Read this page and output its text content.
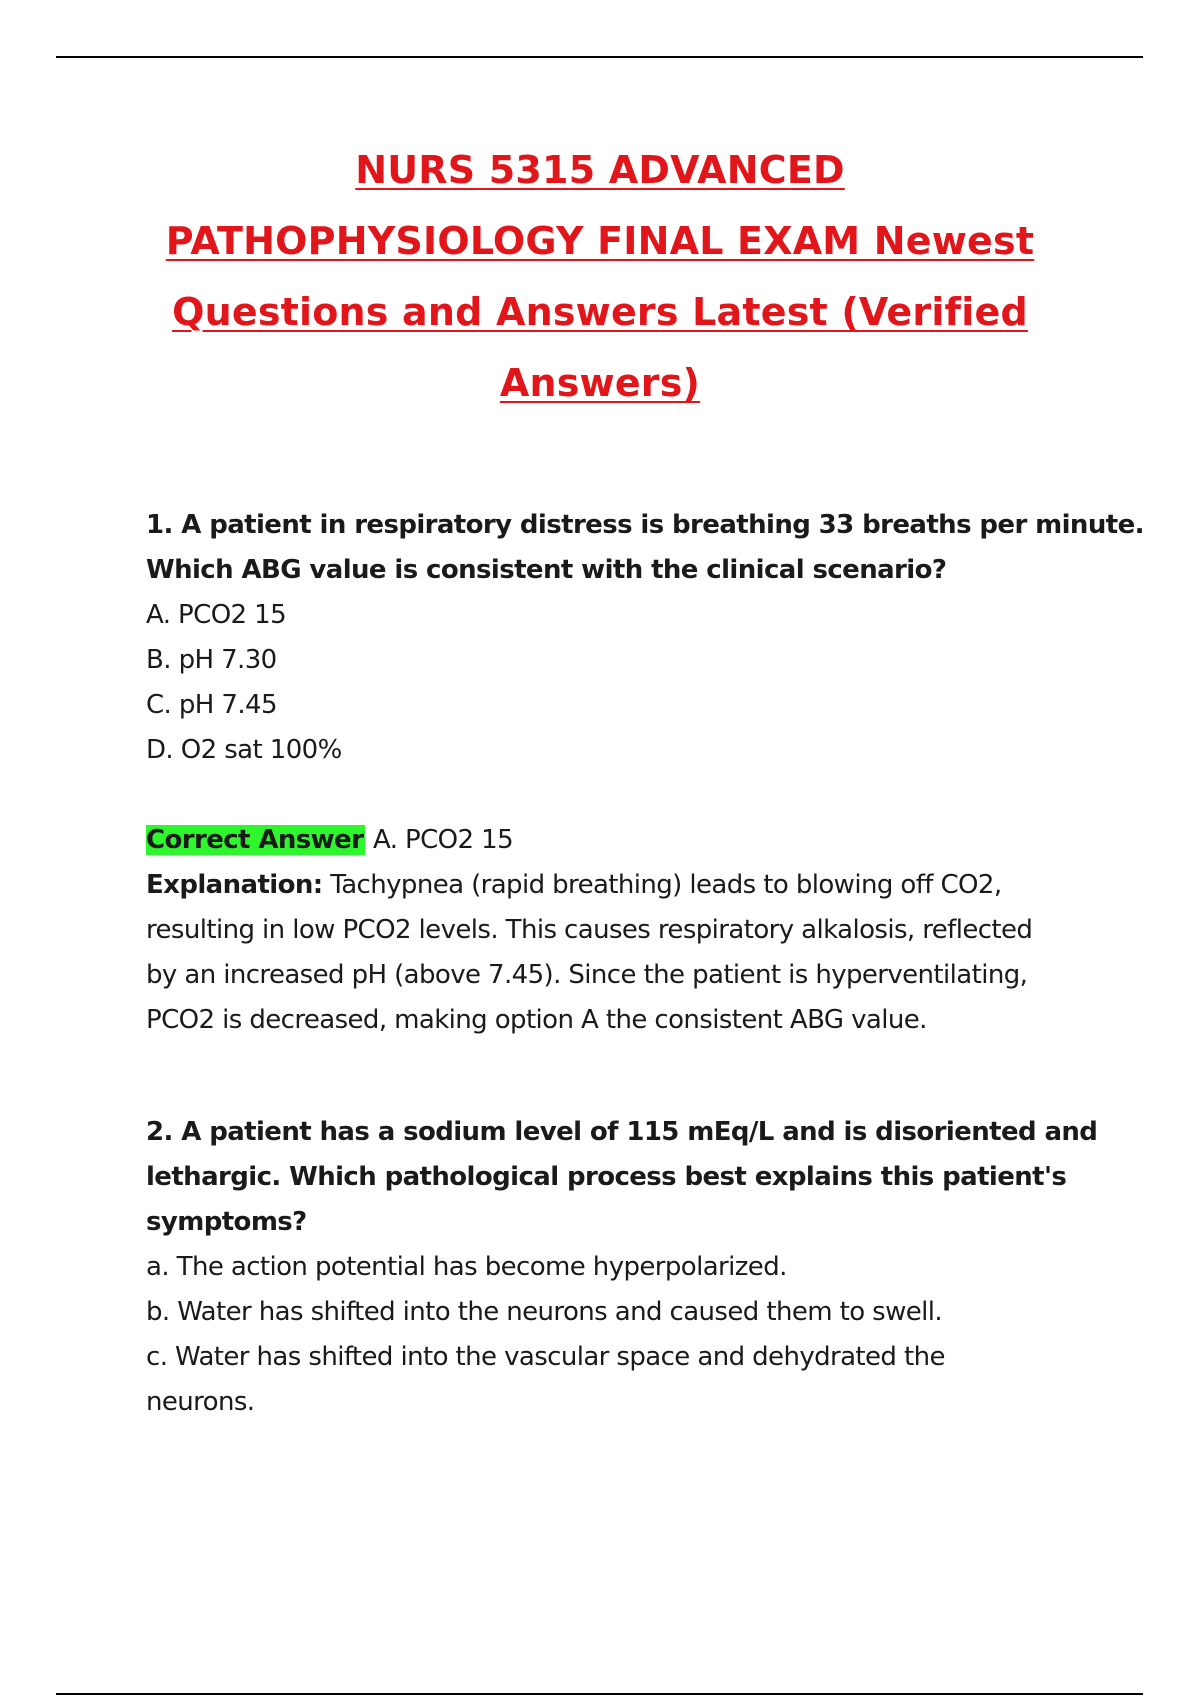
NURS 5315 ADVANCED
PATHOPHYSIOLOGY FINAL EXAM Newest
Questions and Answers Latest (Verified
Answers)

1. A patient in respiratory distress is breathing 33 breaths per minute.

Which ABG value is consistent with the clinical scenario?

A. PCO2 15

B. pH 7.30

C. pH 7.45

D. O2 sat 100%

Correct Answer A. PCO2 15

Explanation: Tachypnea (rapid breathing) leads to blowing off CO2,

resulting in low PCO2 levels. This causes respiratory alkalosis, reflected

by an increased pH (above 7.45). Since the patient is hyperventilating,

PCO2 is decreased, making option A the consistent ABG value.

2. A patient has a sodium level of 115 mEq/L and is disoriented and

lethargic. Which pathological process best explains this patient's

symptoms?

a. The action potential has become hyperpolarized.

b. Water has shifted into the neurons and caused them to swell.

c. Water has shifted into the vascular space and dehydrated the

neurons.
